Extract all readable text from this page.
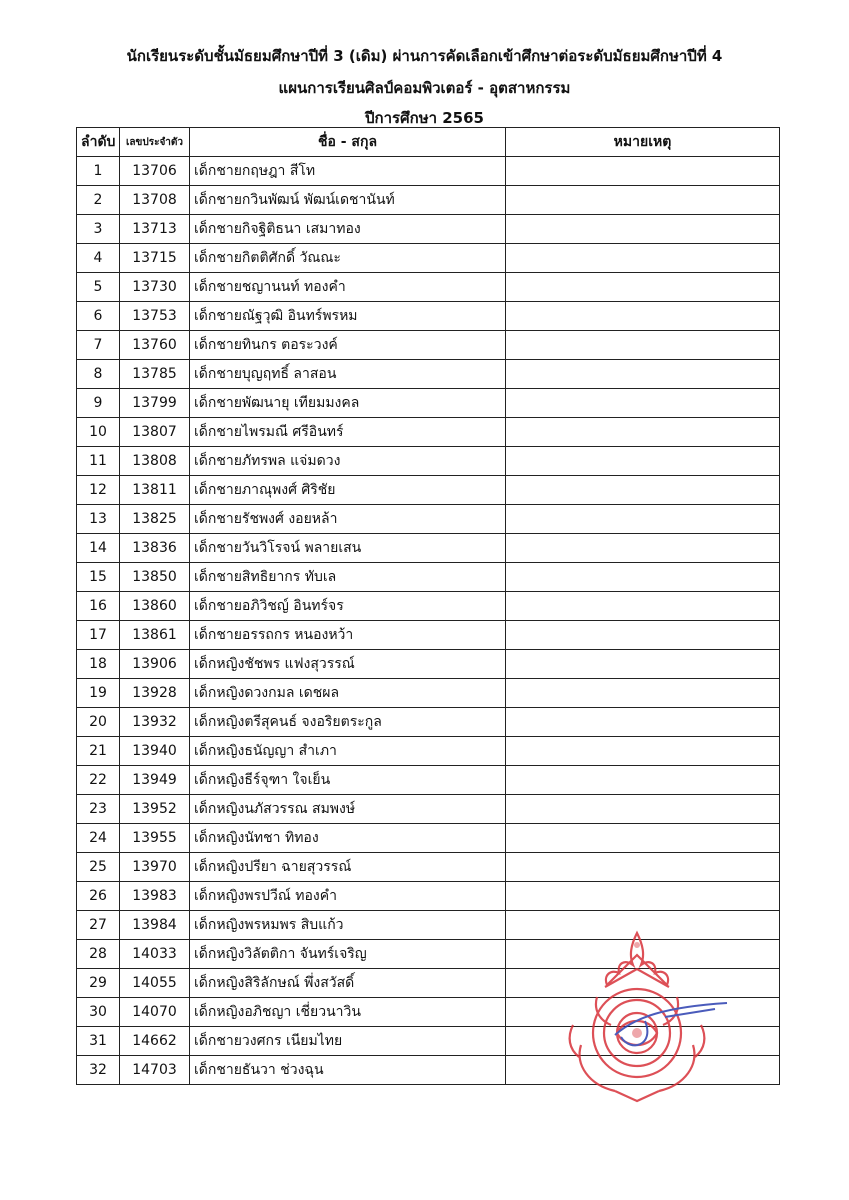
นักเรียนระดับชั้นมัธยมศึกษาปีที่ 3 (เดิม) ผ่านการคัดเลือกเข้าศึกษาต่อระดับมัธยมศึกษาปีที่ 4
แผนการเรียนศิลป์คอมพิวเตอร์ - อุตสาหกรรม
ปีการศึกษา 2565
ลำดับ	เลขประจำตัว	ชื่อ - สกุล	หมายเหตุ
1	13706	เด็กชายกฤษฎา สีโท	
2	13708	เด็กชายกวินพัฒน์ พัฒน์เดชานันท์	
3	13713	เด็กชายกิจฐิติธนา เสมาทอง	
4	13715	เด็กชายกิตติศักดิ์ วัณณะ	
5	13730	เด็กชายชญานนท์ ทองคำ	
6	13753	เด็กชายณัฐวุฒิ อินทร์พรหม	
7	13760	เด็กชายทินกร ตอระวงค์	
8	13785	เด็กชายบุญฤทธิ์ ลาสอน	
9	13799	เด็กชายพัฒนายุ เทียมมงคล	
10	13807	เด็กชายไพรมณี ศรีอินทร์	
11	13808	เด็กชายภัทรพล แจ่มดวง	
12	13811	เด็กชายภาณุพงศ์ ศิริชัย	
13	13825	เด็กชายรัชพงศ์ งอยหล้า	
14	13836	เด็กชายวันวิโรจน์ พลายเสน	
15	13850	เด็กชายสิทธิยากร ทับเล	
16	13860	เด็กชายอภิวิชญ์ อินทร์จร	
17	13861	เด็กชายอรรถกร หนองหว้า	
18	13906	เด็กหญิงชัชพร แฟงสุวรรณ์	
19	13928	เด็กหญิงดวงกมล เดชผล	
20	13932	เด็กหญิงตรีสุคนธ์ จงอริยตระกูล	
21	13940	เด็กหญิงธนัญญา สำเภา	
22	13949	เด็กหญิงธีร์จุฑา ใจเย็น	
23	13952	เด็กหญิงนภัสวรรณ สมพงษ์	
24	13955	เด็กหญิงนัทชา ทิทอง	
25	13970	เด็กหญิงปรียา ฉายสุวรรณ์	
26	13983	เด็กหญิงพรปวีณ์ ทองคำ	
27	13984	เด็กหญิงพรหมพร สิบแก้ว	
28	14033	เด็กหญิงวิลัตติกา จันทร์เจริญ	
29	14055	เด็กหญิงสิริลักษณ์ พึ่งสวัสดิ์	
30	14070	เด็กหญิงอภิชญา เชี่ยวนาวิน	
31	14662	เด็กชายวงศกร เนียมไทย	
32	14703	เด็กชายธันวา ช่วงฉุน	
